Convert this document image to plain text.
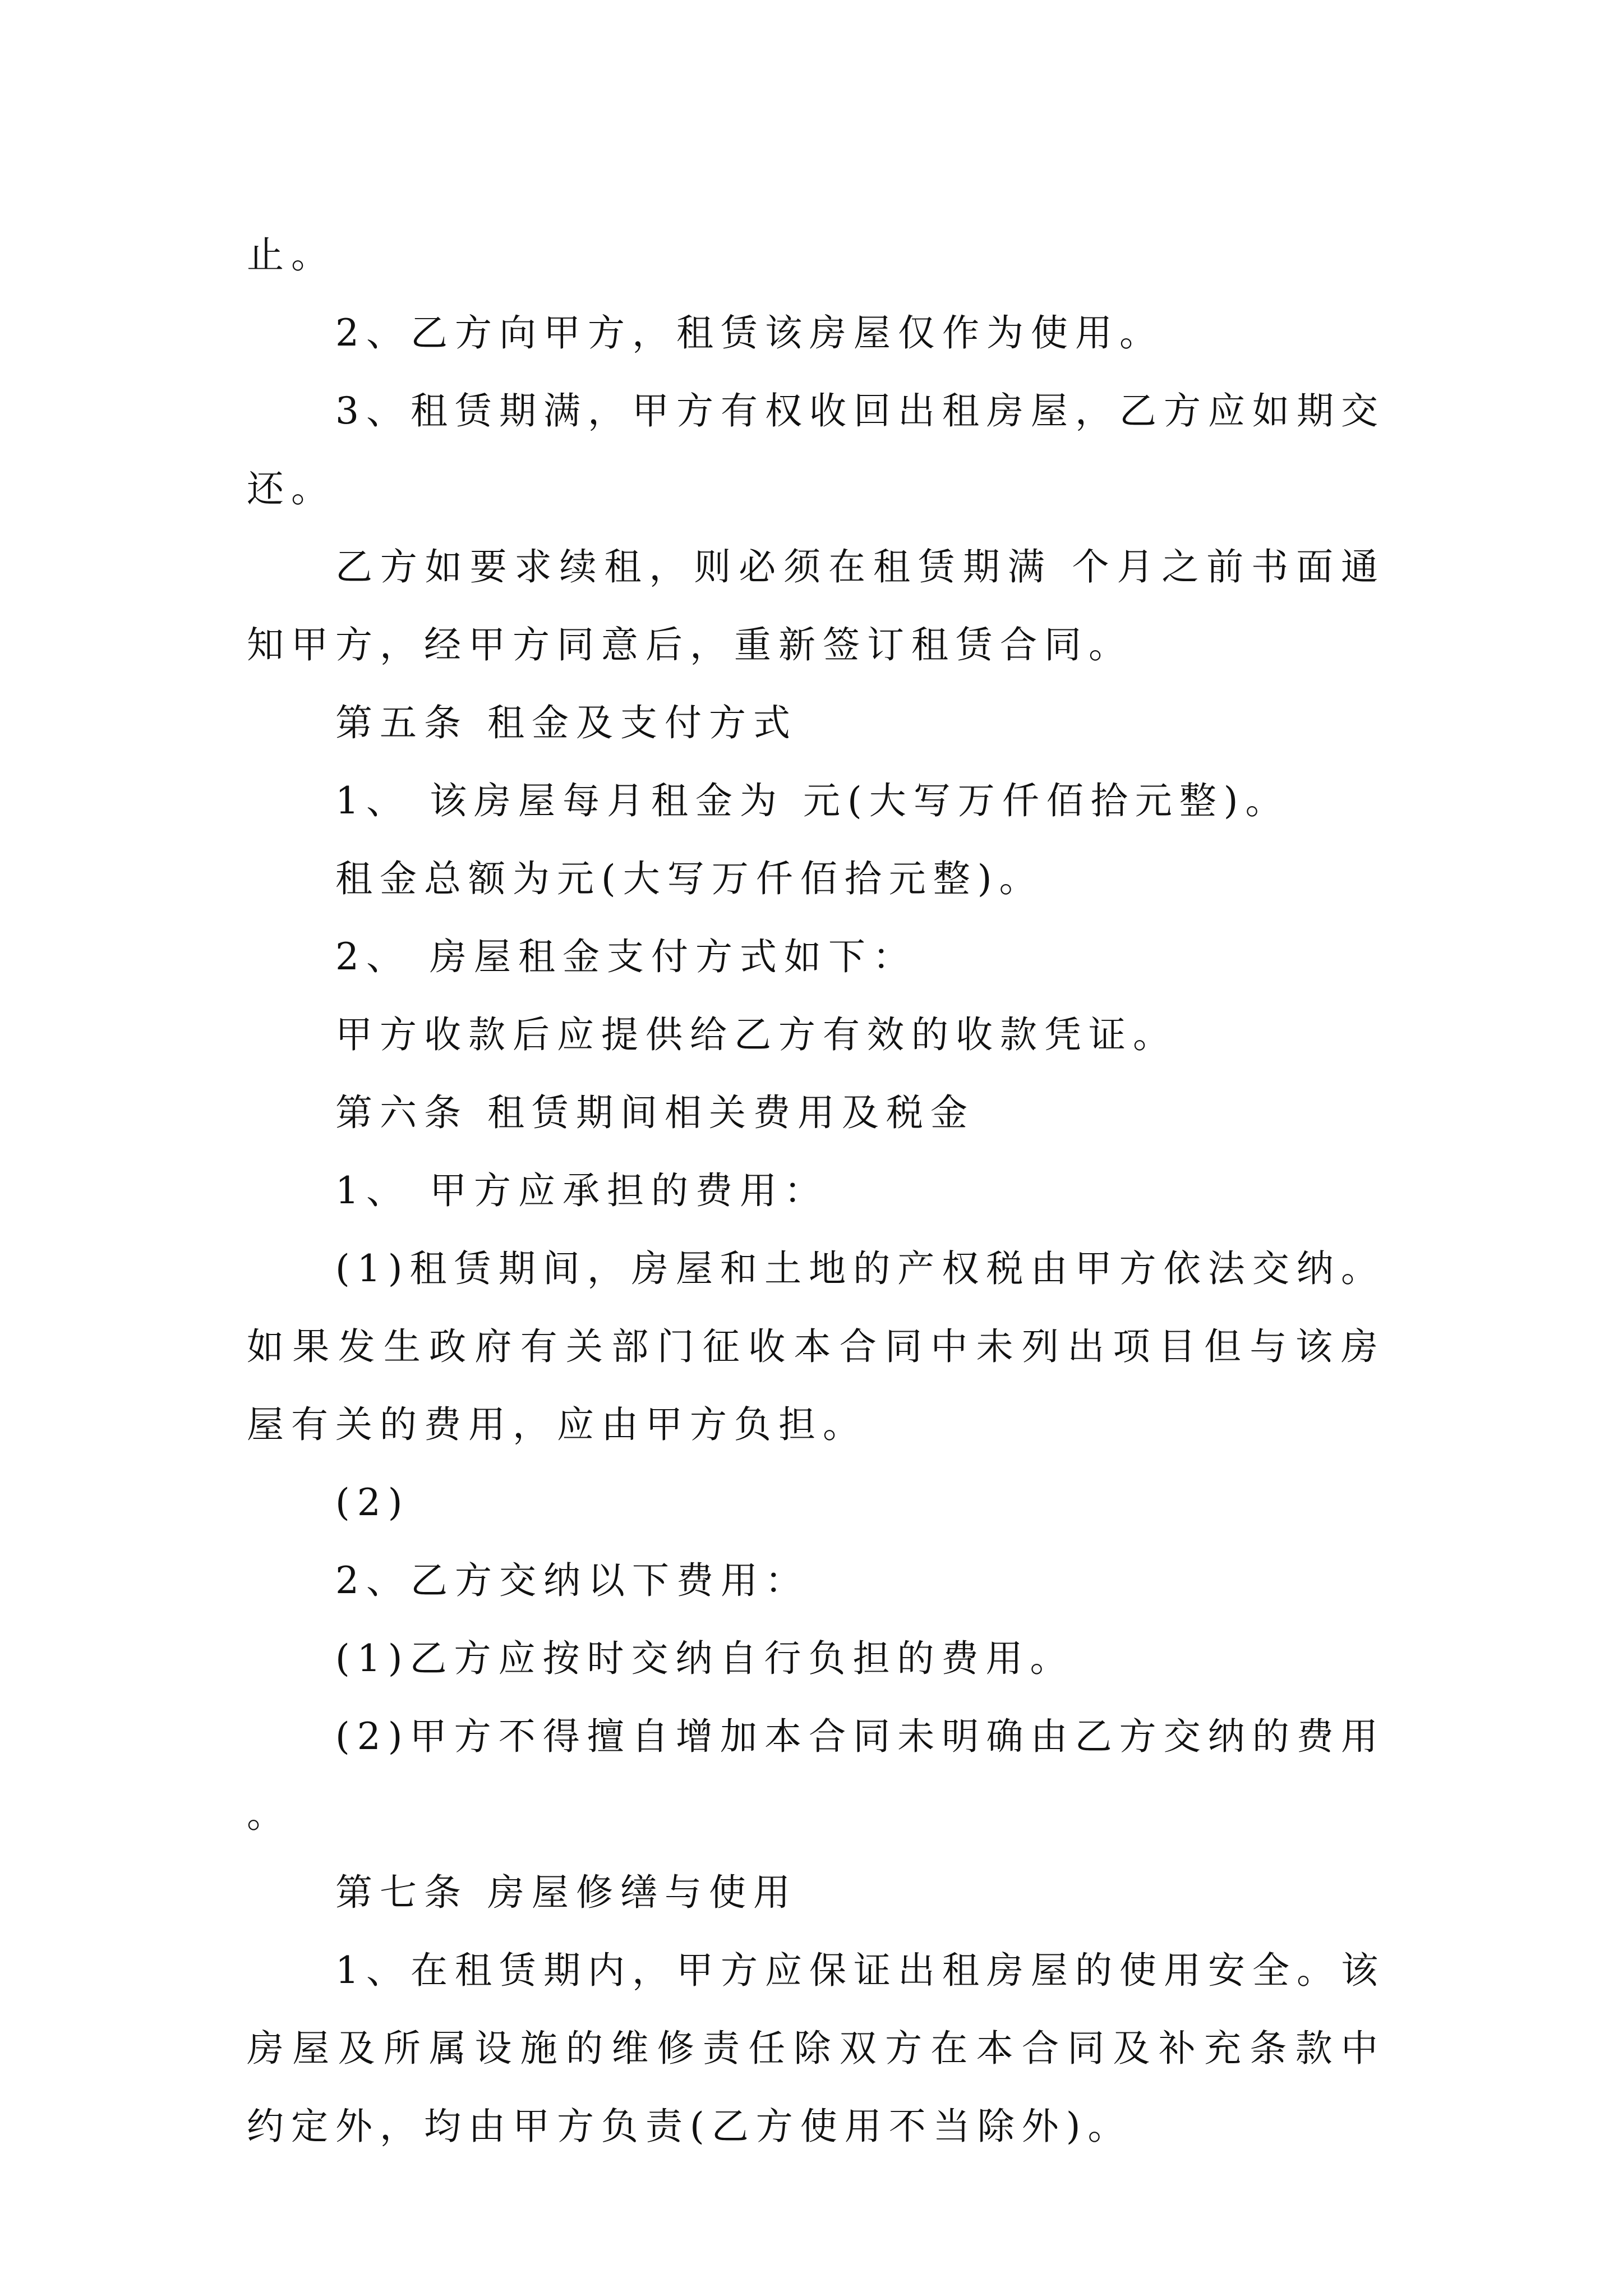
止。

2、乙方向甲方，租赁该房屋仅作为使用。

3、租赁期满，甲方有权收回出租房屋，乙方应如期交还。

乙方如要求续租，则必须在租赁期满 个月之前书面通知甲方，经甲方同意后，重新签订租赁合同。

第五条 租金及支付方式

1、 该房屋每月租金为 元(大写万仟佰拾元整)。

租金总额为元(大写万仟佰拾元整)。

2、 房屋租金支付方式如下：

甲方收款后应提供给乙方有效的收款凭证。

第六条 租赁期间相关费用及税金

1、 甲方应承担的费用：

(1)租赁期间，房屋和土地的产权税由甲方依法交纳。如果发生政府有关部门征收本合同中未列出项目但与该房屋有关的费用，应由甲方负担。

(2)

2、乙方交纳以下费用：

(1)乙方应按时交纳自行负担的费用。

(2)甲方不得擅自增加本合同未明确由乙方交纳的费用。

第七条 房屋修缮与使用

1、在租赁期内，甲方应保证出租房屋的使用安全。该房屋及所属设施的维修责任除双方在本合同及补充条款中约定外，均由甲方负责(乙方使用不当除外)。
